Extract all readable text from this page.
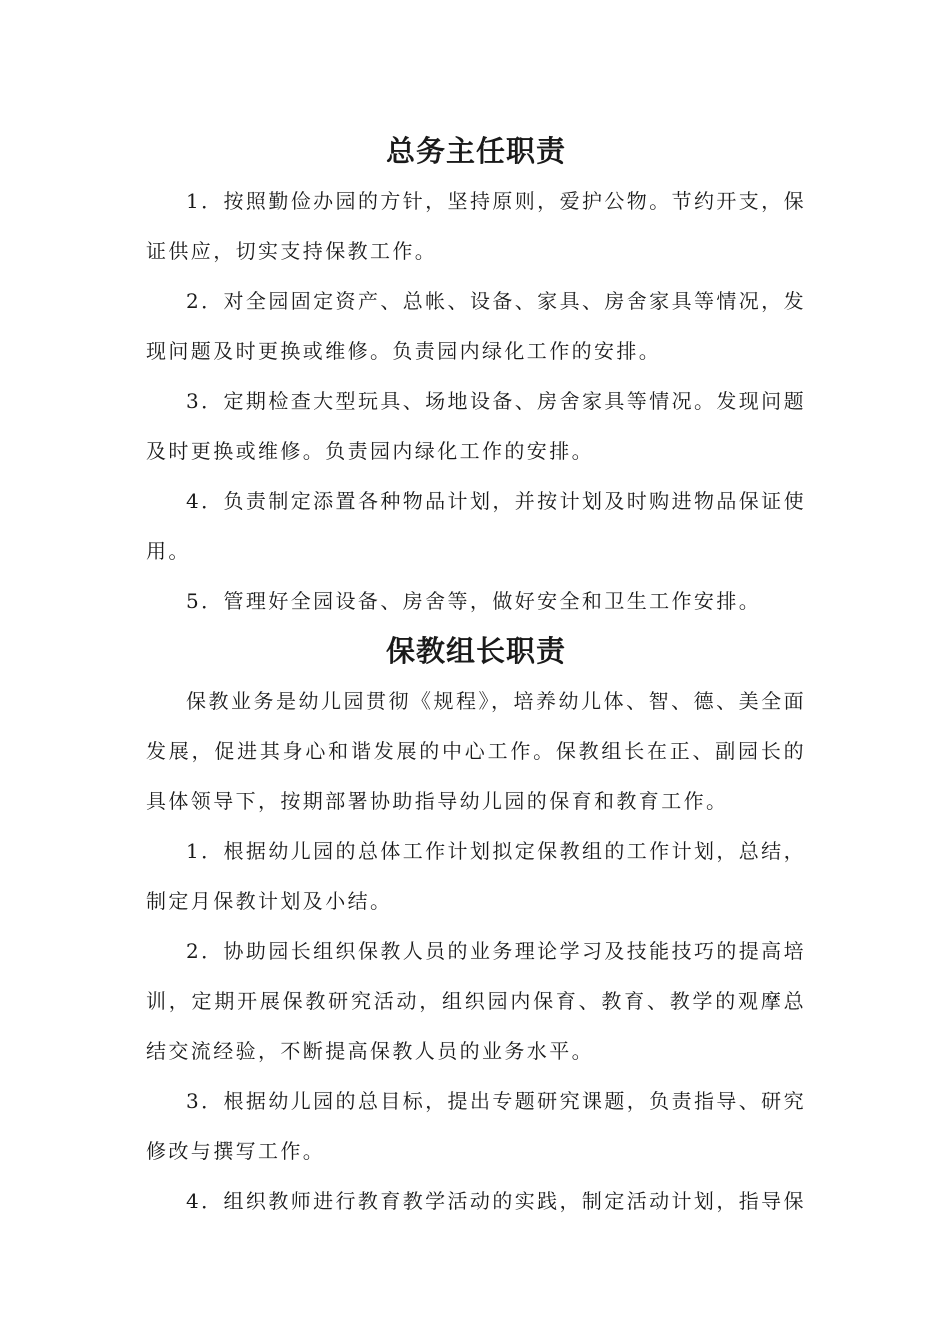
总务主任职责

1．按照勤俭办园的方针，坚持原则，爱护公物。节约开支，保证供应，切实支持保教工作。

2．对全园固定资产、总帐、设备、家具、房舍家具等情况，发现问题及时更换或维修。负责园内绿化工作的安排。

3．定期检查大型玩具、场地设备、房舍家具等情况。发现问题及时更换或维修。负责园内绿化工作的安排。

4．负责制定添置各种物品计划，并按计划及时购进物品保证使用。

5．管理好全园设备、房舍等，做好安全和卫生工作安排。

保教组长职责

保教业务是幼儿园贯彻《规程》，培养幼儿体、智、德、美全面发展，促进其身心和谐发展的中心工作。保教组长在正、副园长的具体领导下，按期部署协助指导幼儿园的保育和教育工作。

1．根据幼儿园的总体工作计划拟定保教组的工作计划，总结，制定月保教计划及小结。

2．协助园长组织保教人员的业务理论学习及技能技巧的提高培训，定期开展保教研究活动，组织园内保育、教育、教学的观摩总结交流经验，不断提高保教人员的业务水平。

3．根据幼儿园的总目标，提出专题研究课题，负责指导、研究修改与撰写工作。

4．组织教师进行教育教学活动的实践，制定活动计划，指导保
